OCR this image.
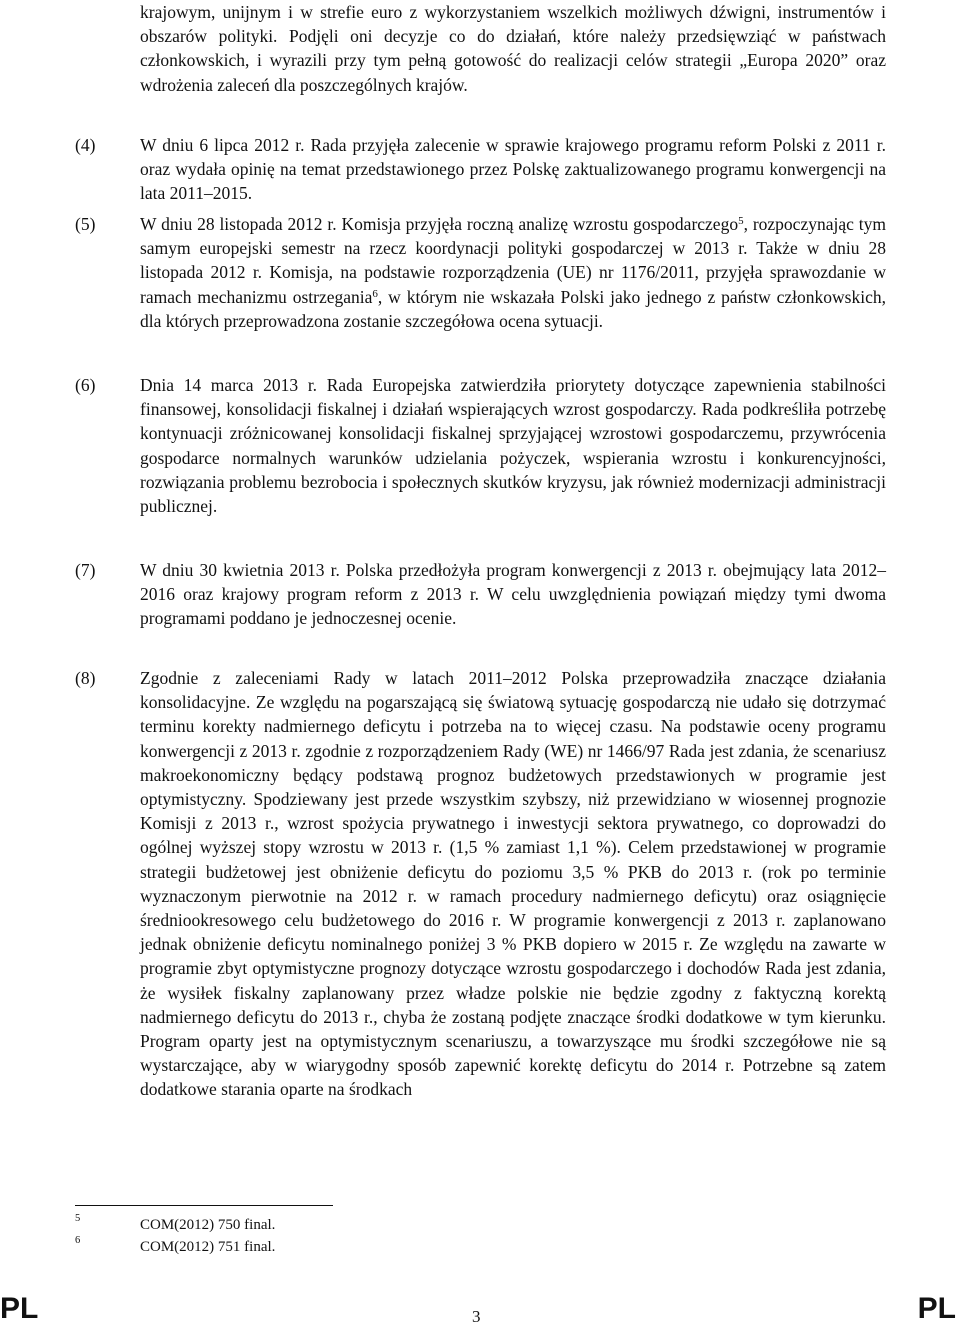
krajowym, unijnym i w strefie euro z wykorzystaniem wszelkich możliwych dźwigni, instrumentów i obszarów polityki. Podjęli oni decyzje co do działań, które należy przedsięwziąć w państwach członkowskich, i wyrazili przy tym pełną gotowość do realizacji celów strategii „Europa 2020” oraz wdrożenia zaleceń dla poszczególnych krajów.
(4)	W dniu 6 lipca 2012 r. Rada przyjęła zalecenie w sprawie krajowego programu reform Polski z 2011 r. oraz wydała opinię na temat przedstawionego przez Polskę zaktualizowanego programu konwergencji na lata 2011–2015.
(5)	W dniu 28 listopada 2012 r. Komisja przyjęła roczną analizę wzrostu gospodarczego$^5$, rozpoczynając tym samym europejski semestr na rzecz koordynacji polityki gospodarczej w 2013 r. Także w dniu 28 listopada 2012 r. Komisja, na podstawie rozporządzenia (UE) nr 1176/2011, przyjęła sprawozdanie w ramach mechanizmu ostrzegania$^6$, w którym nie wskazała Polski jako jednego z państw członkowskich, dla których przeprowadzona zostanie szczegółowa ocena sytuacji.
(6)	Dnia 14 marca 2013 r. Rada Europejska zatwierdziła priorytety dotyczące zapewnienia stabilności finansowej, konsolidacji fiskalnej i działań wspierających wzrost gospodarczy. Rada podkreśliła potrzebę kontynuacji zróżnicowanej konsolidacji fiskalnej sprzyjającej wzrostowi gospodarczemu, przywrócenia gospodarce normalnych warunków udzielania pożyczek, wspierania wzrostu i konkurencyjności, rozwiązania problemu bezrobocia i społecznych skutków kryzysu, jak również modernizacji administracji publicznej.
(7)	W dniu 30 kwietnia 2013 r. Polska przedłożyła program konwergencji z 2013 r. obejmujący lata 2012–2016 oraz krajowy program reform z 2013 r. W celu uwzględnienia powiązań między tymi dwoma programami poddano je jednoczesnej ocenie.
(8)	Zgodnie z zaleceniami Rady w latach 2011–2012 Polska przeprowadziła znaczące działania konsolidacyjne. Ze względu na pogarszającą się światową sytuację gospodarczą nie udało się dotrzymać terminu korekty nadmiernego deficytu i potrzeba na to więcej czasu. Na podstawie oceny programu konwergencji z 2013 r. zgodnie z rozporządzeniem Rady (WE) nr 1466/97 Rada jest zdania, że scenariusz makroekonomiczny będący podstawą prognoz budżetowych przedstawionych w programie jest optymistyczny. Spodziewany jest przede wszystkim szybszy, niż przewidziano w wiosennej prognozie Komisji z 2013 r., wzrost spożycia prywatnego i inwestycji sektora prywatnego, co doprowadzi do ogólnej wyższej stopy wzrostu w 2013 r. (1,5 % zamiast 1,1 %). Celem przedstawionej w programie strategii budżetowej jest obniżenie deficytu do poziomu 3,5 % PKB do 2013 r. (rok po terminie wyznaczonym pierwotnie na 2012 r. w ramach procedury nadmiernego deficytu) oraz osiągnięcie średniookresowego celu budżetowego do 2016 r. W programie konwergencji z 2013 r. zaplanowano jednak obniżenie deficytu nominalnego poniżej 3 % PKB dopiero w 2015 r. Ze względu na zawarte w programie zbyt optymistyczne prognozy dotyczące wzrostu gospodarczego i dochodów Rada jest zdania, że wysiłek fiskalny zaplanowany przez władze polskie nie będzie zgodny z faktyczną korektą nadmiernego deficytu do 2013 r., chyba że zostaną podjęte znaczące środki dodatkowe w tym kierunku. Program oparty jest na optymistycznym scenariuszu, a towarzyszące mu środki szczegółowe nie są wystarczające, aby w wiarygodny sposób zapewnić korektę deficytu do 2014 r. Potrzebne są zatem dodatkowe starania oparte na środkach
5	COM(2012) 750 final.
6	COM(2012) 751 final.
PL	3	PL
